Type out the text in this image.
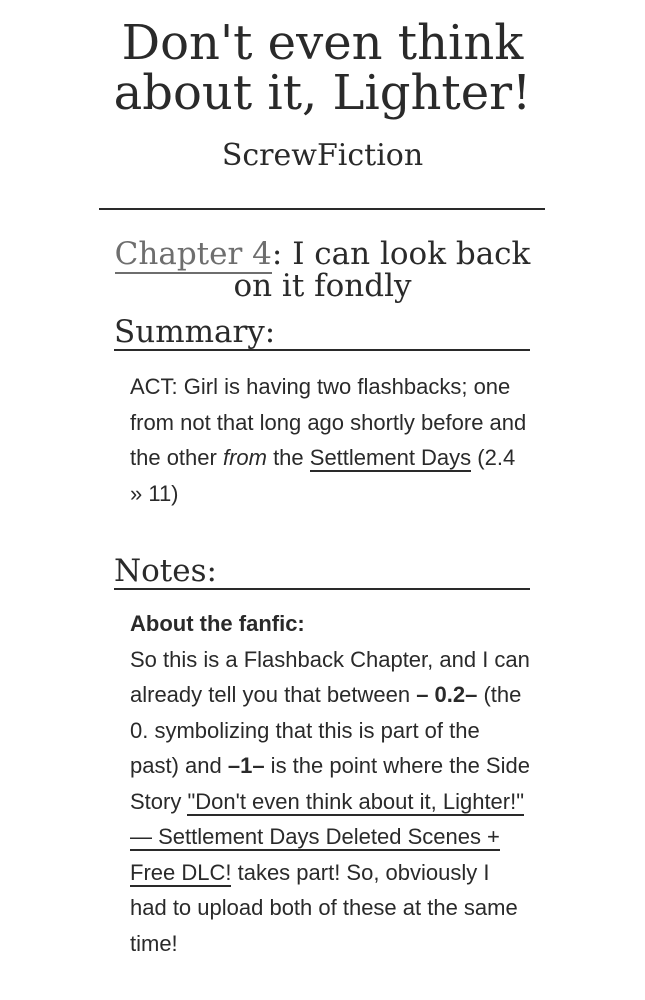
Don't even think
about it, Lighter!
ScrewFiction
Chapter 4: I can look back
on it fondly
Summary:
ACT: Girl is having two flashbacks; one from not that long ago shortly before and the other from the Settlement Days (2.4 » 11)
Notes:
About the fanfic:
So this is a Flashback Chapter, and I can already tell you that between – 0.2– (the 0. symbolizing that this is part of the past) and –1– is the point where the Side Story "Don't even think about it, Lighter!" — Settlement Days Deleted Scenes + Free DLC! takes part! So, obviously I had to upload both of these at the same time!
